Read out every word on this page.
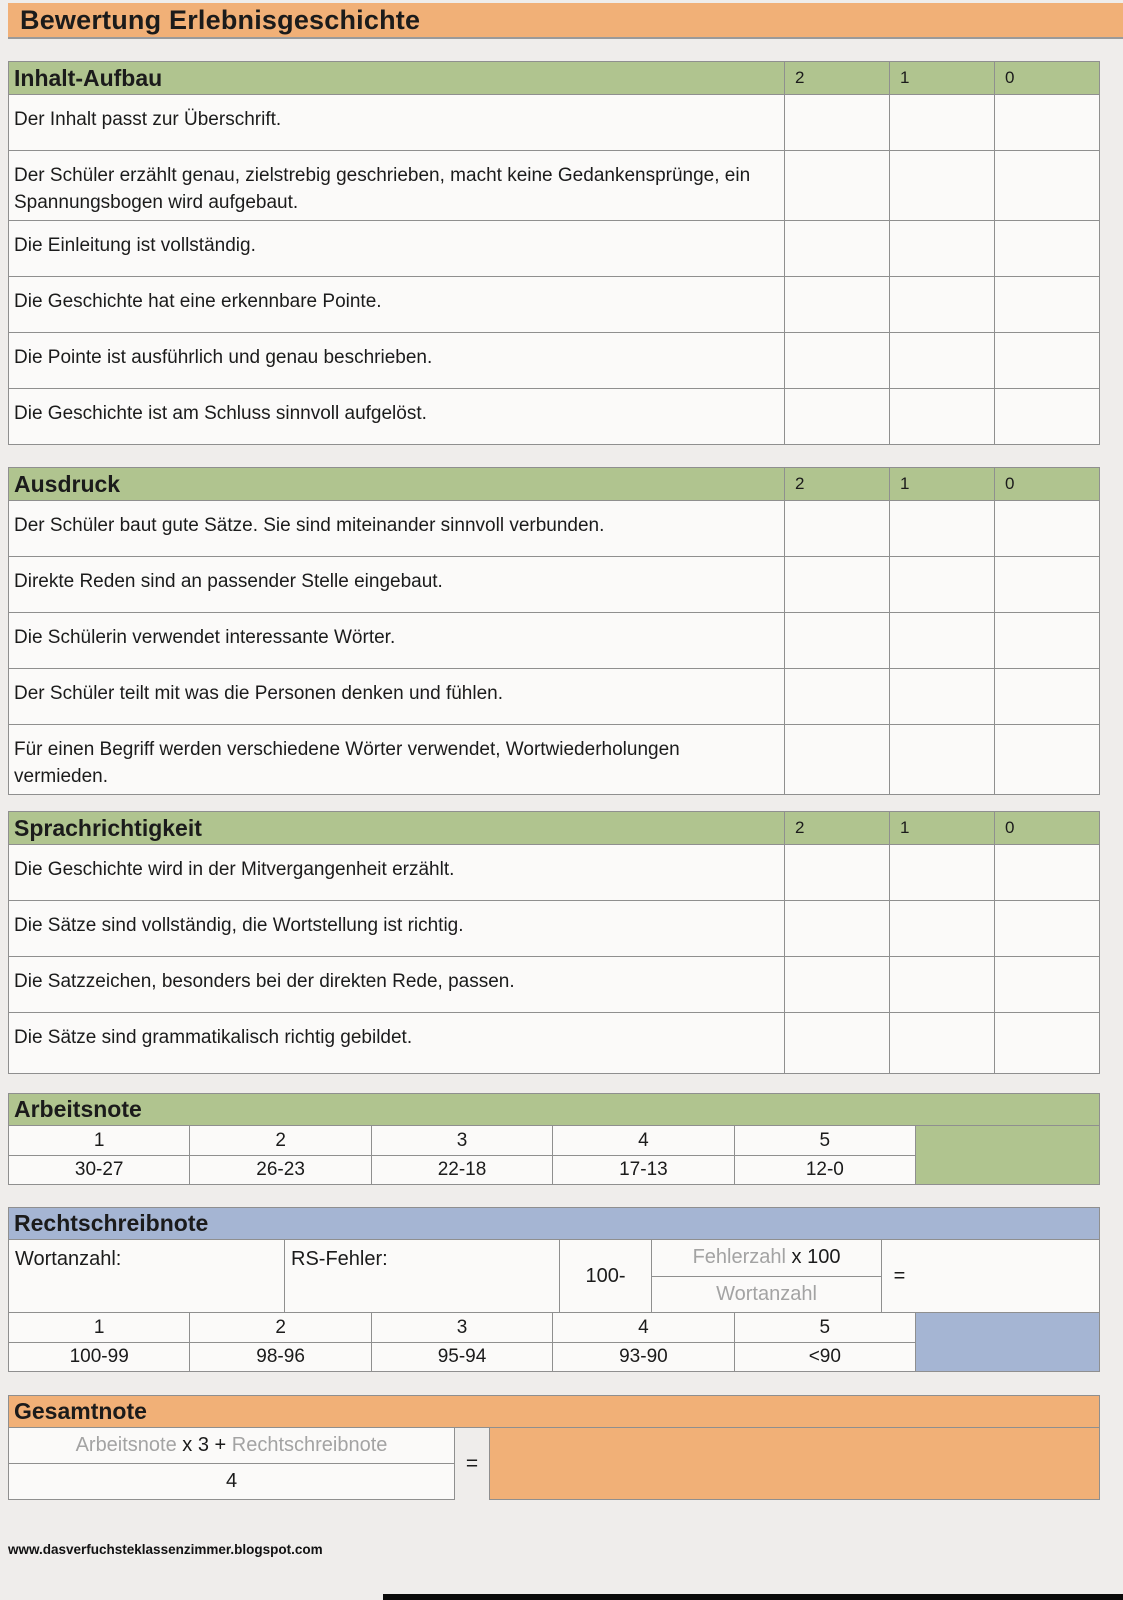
Bewertung Erlebnisgeschichte
Inhalt-Aufbau	2	1	0
Der Inhalt passt zur Überschrift.
Der Schüler erzählt genau, zielstrebig geschrieben, macht keine Gedankensprünge, ein Spannungsbogen wird aufgebaut.
Die Einleitung ist vollständig.
Die Geschichte hat eine erkennbare Pointe.
Die Pointe ist ausführlich und genau beschrieben.
Die Geschichte ist am Schluss sinnvoll aufgelöst.
Ausdruck	2	1	0
Der Schüler baut gute Sätze. Sie sind miteinander sinnvoll verbunden.
Direkte Reden sind an passender Stelle eingebaut.
Die Schülerin verwendet interessante Wörter.
Der Schüler teilt mit was die Personen denken und fühlen.
Für einen Begriff werden verschiedene Wörter verwendet, Wortwiederholungen vermieden.
Sprachrichtigkeit	2	1	0
Die Geschichte wird in der Mitvergangenheit erzählt.
Die Sätze sind vollständig, die Wortstellung ist richtig.
Die Satzzeichen, besonders bei der direkten Rede, passen.
Die Sätze sind grammatikalisch richtig gebildet.
Arbeitsnote
1	2	3	4	5
30-27	26-23	22-18	17-13	12-0
Rechtschreibnote
Wortanzahl:	RS-Fehler:
100-	$\frac{\text{Fehlerzahl x 100}}{\text{Wortanzahl}}$ =
1	2	3	4	5
100-99	98-96	95-94	93-90	<90
Gesamtnote
Arbeitsnote x 3 + Rechtschreibnote
4
=
www.dasverfuchsteklassenzimmer.blogspot.com
